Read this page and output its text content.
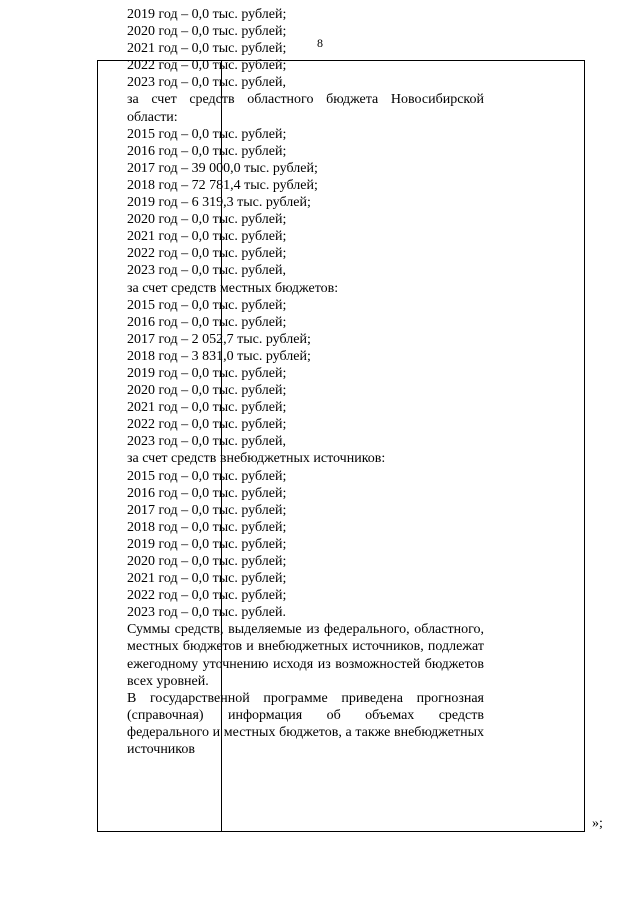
8
2019 год – 0,0 тыс. рублей;
2020 год – 0,0 тыс. рублей;
2021 год – 0,0 тыс. рублей;
2022 год – 0,0 тыс. рублей;
2023 год – 0,0 тыс. рублей,
за счет средств областного бюджета Новосибирской области:
2015 год – 0,0 тыс. рублей;
2016 год – 0,0 тыс. рублей;
2017 год – 39 000,0 тыс. рублей;
2018 год – 72 781,4 тыс. рублей;
2019 год – 6 319,3 тыс. рублей;
2020 год – 0,0 тыс. рублей;
2021 год – 0,0 тыс. рублей;
2022 год – 0,0 тыс. рублей;
2023 год – 0,0 тыс. рублей,
за счет средств местных бюджетов:
2015 год – 0,0 тыс. рублей;
2016 год – 0,0 тыс. рублей;
2017 год – 2 052,7 тыс. рублей;
2018 год – 3 831,0 тыс. рублей;
2019 год – 0,0 тыс. рублей;
2020 год – 0,0 тыс. рублей;
2021 год – 0,0 тыс. рублей;
2022 год – 0,0 тыс. рублей;
2023 год – 0,0 тыс. рублей,
за счет средств внебюджетных источников:
2015 год – 0,0 тыс. рублей;
2016 год – 0,0 тыс. рублей;
2017 год – 0,0 тыс. рублей;
2018 год – 0,0 тыс. рублей;
2019 год – 0,0 тыс. рублей;
2020 год – 0,0 тыс. рублей;
2021 год – 0,0 тыс. рублей;
2022 год – 0,0 тыс. рублей;
2023 год – 0,0 тыс. рублей.
Суммы средств, выделяемые из федерального, областного, местных бюджетов и внебюджетных источников, подлежат ежегодному уточнению исходя из возможностей бюджетов всех уровней.
В государственной программе приведена прогнозная (справочная) информация об объемах средств федерального и местных бюджетов, а также внебюджетных источников
»;
